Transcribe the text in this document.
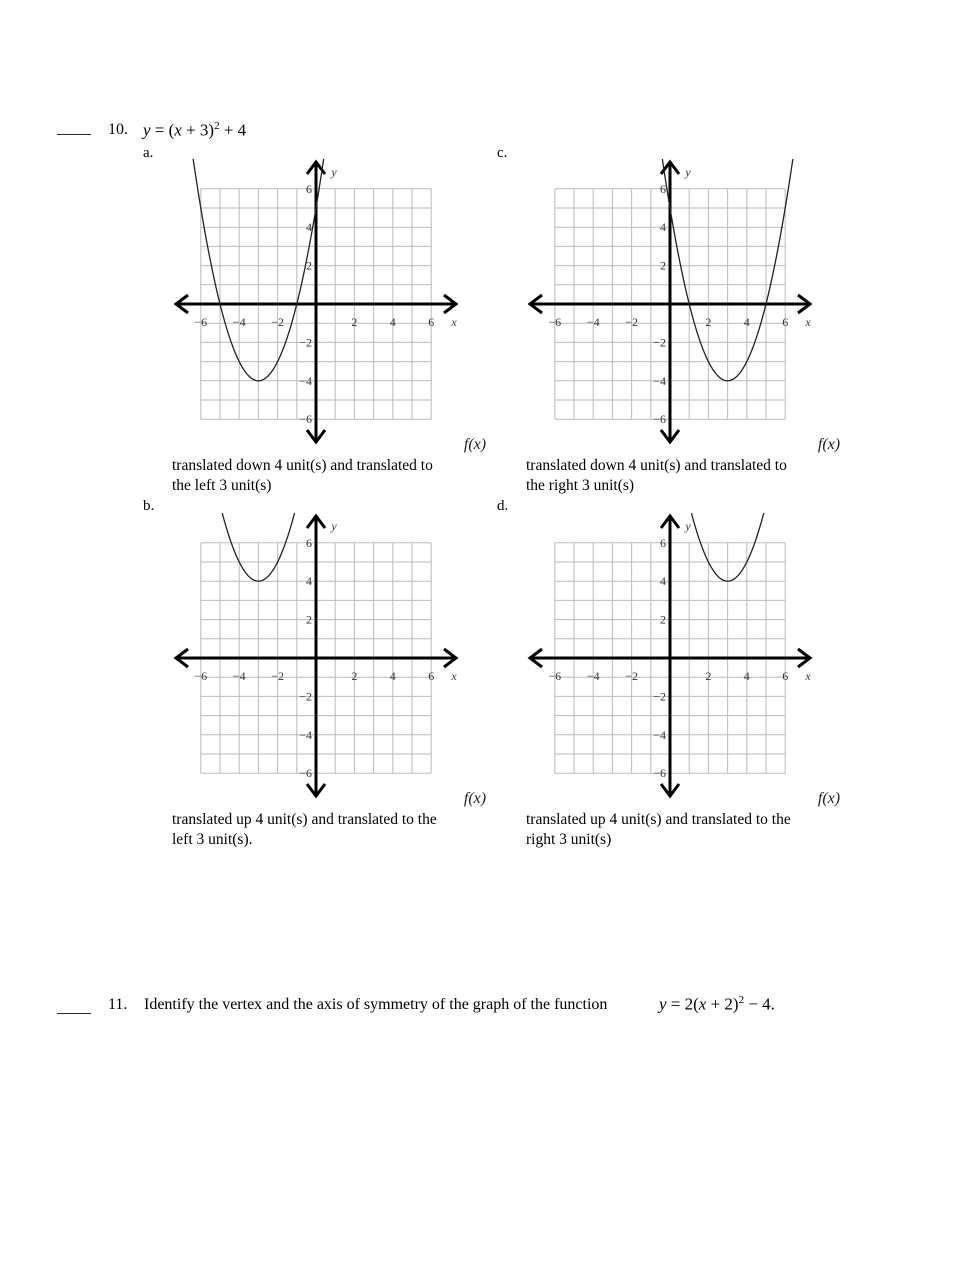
____ 10. $y = (x + 3)^2 + 4$
a.	c.
b.	d.
−6 −4 −2	2	4	6
6
4
2
−2
−4
−6
x
y
f(x)
−6 −4 −2	2	4	6
6
4
2
−2
−4
−6
x
y
f(x)
−6 −4 −2	2	4	6
6
4
2
−2
−4
−6
x
y
f(x)
−6 −4 −2	2	4	6
6
4
2
−2
−4
−6
x
y
f(x)
translated down 4 unit(s) and translated to
the left 3 unit(s)
translated down 4 unit(s) and translated to
the right 3 unit(s)
translated up 4 unit(s) and translated to the
left 3 unit(s).
translated up 4 unit(s) and translated to the
right 3 unit(s)
____ 11. Identify the vertex and the axis of symmetry of the graph of the function	$y = 2(x + 2)^2 - 4$.
